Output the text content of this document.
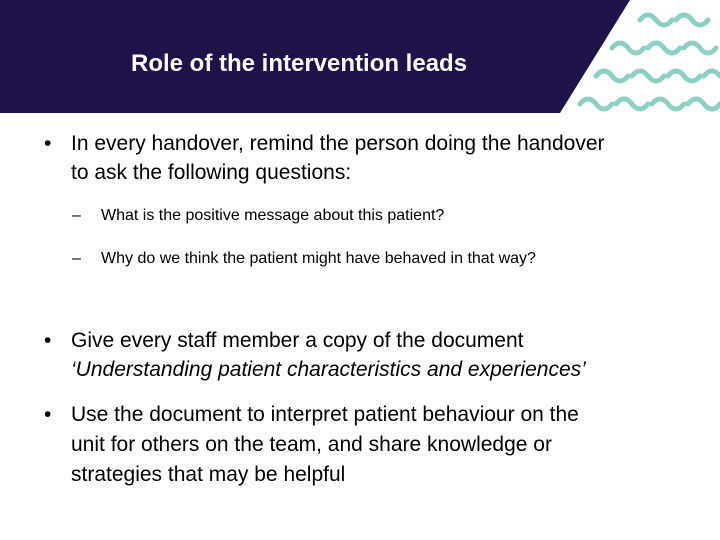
Role of the intervention leads
• In every handover, remind the person doing the handover
to ask the following questions:
– What is the positive message about this patient?
– Why do we think the patient might have behaved in that way?
• Give every staff member a copy of the document
‘Understanding patient characteristics and experiences’
• Use the document to interpret patient behaviour on the
unit for others on the team, and share knowledge or
strategies that may be helpful
